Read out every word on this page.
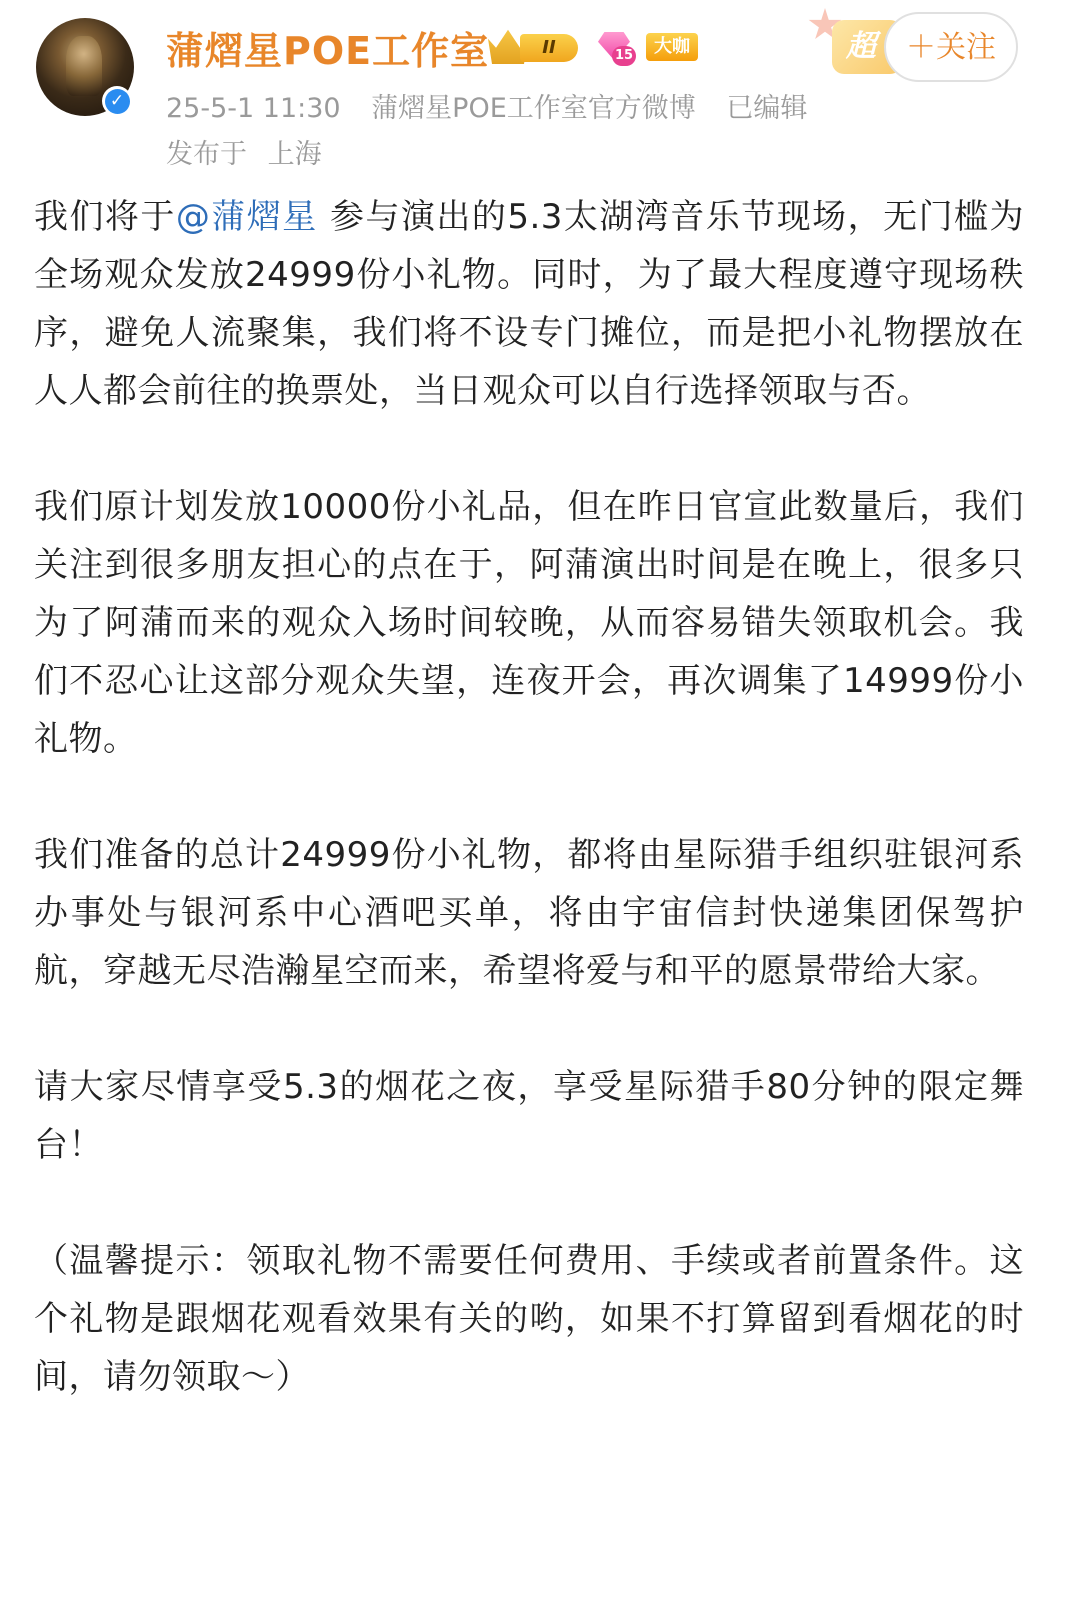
✓
蒲熠星POE工作室	II	15	大咖	超	＋关注
25-5-1 11:30 蒲熠星POE工作室官方微博 已编辑
发布于 上海

我们将于@蒲熠星 参与演出的5.3太湖湾音乐节现场，无门槛为全场观众发放24999份小礼物。同时，为了最大程度遵守现场秩序，避免人流聚集，我们将不设专门摊位，而是把小礼物摆放在人人都会前往的换票处，当日观众可以自行选择领取与否。

我们原计划发放10000份小礼品，但在昨日官宣此数量后，我们关注到很多朋友担心的点在于，阿蒲演出时间是在晚上，很多只为了阿蒲而来的观众入场时间较晚，从而容易错失领取机会。我们不忍心让这部分观众失望，连夜开会，再次调集了14999份小礼物。

我们准备的总计24999份小礼物，都将由星际猎手组织驻银河系办事处与银河系中心酒吧买单，将由宇宙信封快递集团保驾护航，穿越无尽浩瀚星空而来，希望将爱与和平的愿景带给大家。

请大家尽情享受5.3的烟花之夜，享受星际猎手80分钟的限定舞台！

（温馨提示：领取礼物不需要任何费用、手续或者前置条件。这个礼物是跟烟花观看效果有关的哟，如果不打算留到看烟花的时间，请勿领取～）
